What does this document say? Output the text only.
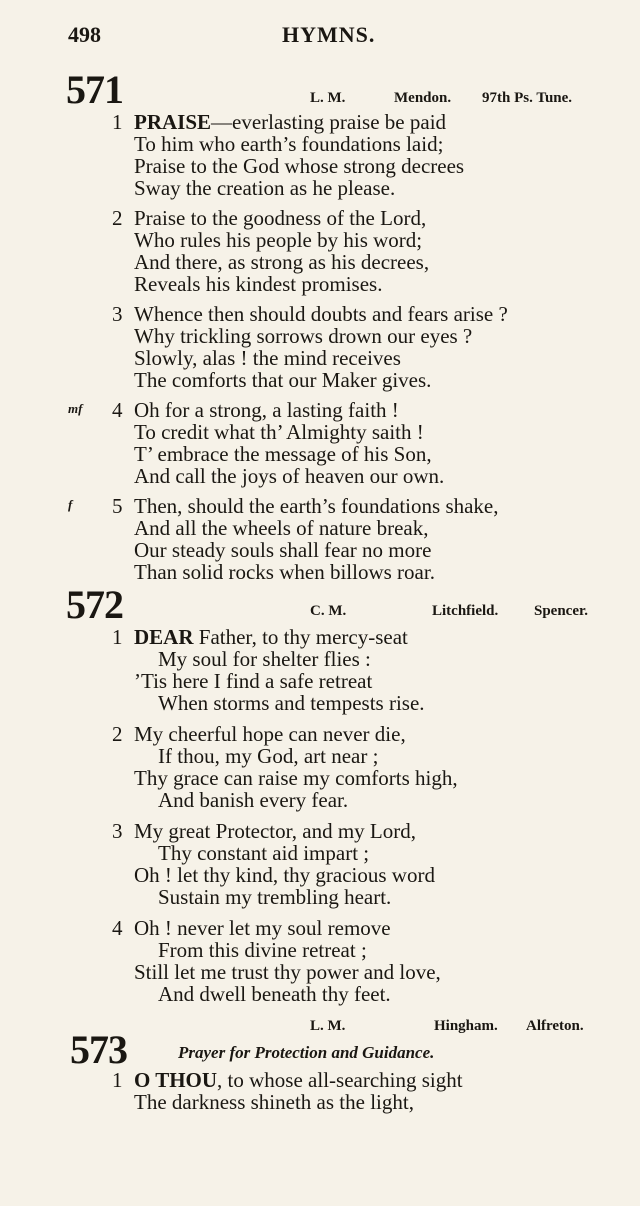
498	HYMNS.
571	L. M.	Mendon. 97th Ps. Tune.
1 PRAISE—everlasting praise be paid
To him who earth’s foundations laid;
Praise to the God whose strong decrees
Sway the creation as he please.
2 Praise to the goodness of the Lord,
Who rules his people by his word;
And there, as strong as his decrees,
Reveals his kindest promises.
3 Whence then should doubts and fears arise ?
Why trickling sorrows drown our eyes ?
Slowly, alas ! the mind receives
The comforts that our Maker gives.
mf 4 Oh for a strong, a lasting faith !
To credit what th’ Almighty saith !
T’ embrace the message of his Son,
And call the joys of heaven our own.
f 5 Then, should the earth’s foundations shake,
And all the wheels of nature break,
Our steady souls shall fear no more
Than solid rocks when billows roar.
572	C. M.	Litchfield. Spencer.
1 DEAR Father, to thy mercy-seat
My soul for shelter flies :
’Tis here I find a safe retreat
When storms and tempests rise.
2 My cheerful hope can never die,
If thou, my God, art near ;
Thy grace can raise my comforts high,
And banish every fear.
3 My great Protector, and my Lord,
Thy constant aid impart ;
Oh ! let thy kind, thy gracious word
Sustain my trembling heart.
4 Oh ! never let my soul remove
From this divine retreat ;
Still let me trust thy power and love,
And dwell beneath thy feet.
L. M.	Hingham. Alfreton.
573	Prayer for Protection and Guidance.
1 O THOU, to whose all-searching sight
The darkness shineth as the light,
